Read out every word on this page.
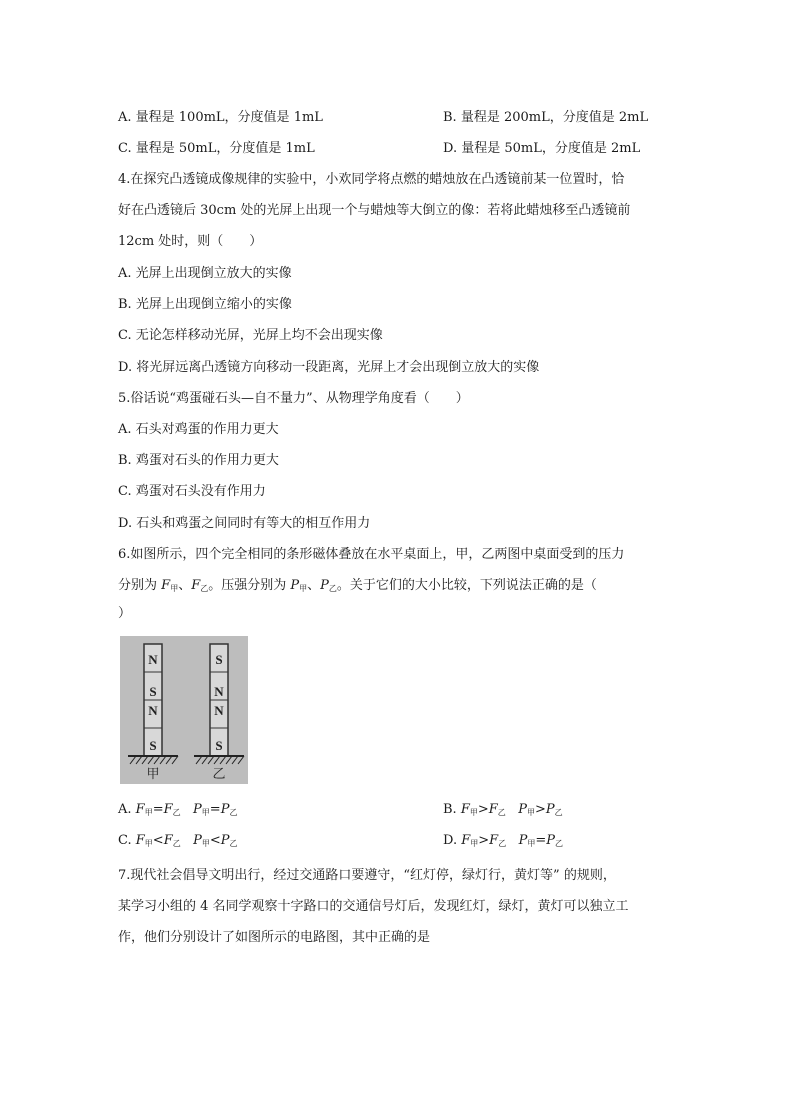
A. 量程是 100mL，分度值是 1mL	B. 量程是 200mL，分度值是 2mL
C. 量程是 50mL，分度值是 1mL	D. 量程是 50mL，分度值是 2mL
4.在探究凸透镜成像规律的实验中，小欢同学将点燃的蜡烛放在凸透镜前某一位置时，恰
好在凸透镜后 30cm 处的光屏上出现一个与蜡烛等大倒立的像：若将此蜡烛移至凸透镜前
12cm 处时，则（　　）
A. 光屏上出现倒立放大的实像
B. 光屏上出现倒立缩小的实像
C. 无论怎样移动光屏，光屏上均不会出现实像
D. 将光屏远离凸透镜方向移动一段距离，光屏上才会出现倒立放大的实像
5.俗话说“鸡蛋碰石头—自不量力”、从物理学角度看（　　）
A. 石头对鸡蛋的作用力更大
B. 鸡蛋对石头的作用力更大
C. 鸡蛋对石头没有作用力
D. 石头和鸡蛋之间同时有等大的相互作用力
6.如图所示，四个完全相同的条形磁体叠放在水平桌面上，甲，乙两图中桌面受到的压力
分别为 $F_甲$、$F_乙$。压强分别为 $P_甲$、$P_乙$。关于它们的大小比较，下列说法正确的是（
）
N
S
N
S
S
N
N
S
甲	乙
A. $F_甲=F_乙$ $P_甲=P_乙$	B. $F_甲>F_乙$ $P_甲>P_乙$
C. $F_甲<F_乙$ $P_甲<P_乙$	D. $F_甲>F_乙$ $P_甲=P_乙$
7.现代社会倡导文明出行，经过交通路口要遵守，“红灯停，绿灯行，黄灯等” 的规则，
某学习小组的 4 名同学观察十字路口的交通信号灯后，发现红灯，绿灯，黄灯可以独立工
作，他们分别设计了如图所示的电路图，其中正确的是
